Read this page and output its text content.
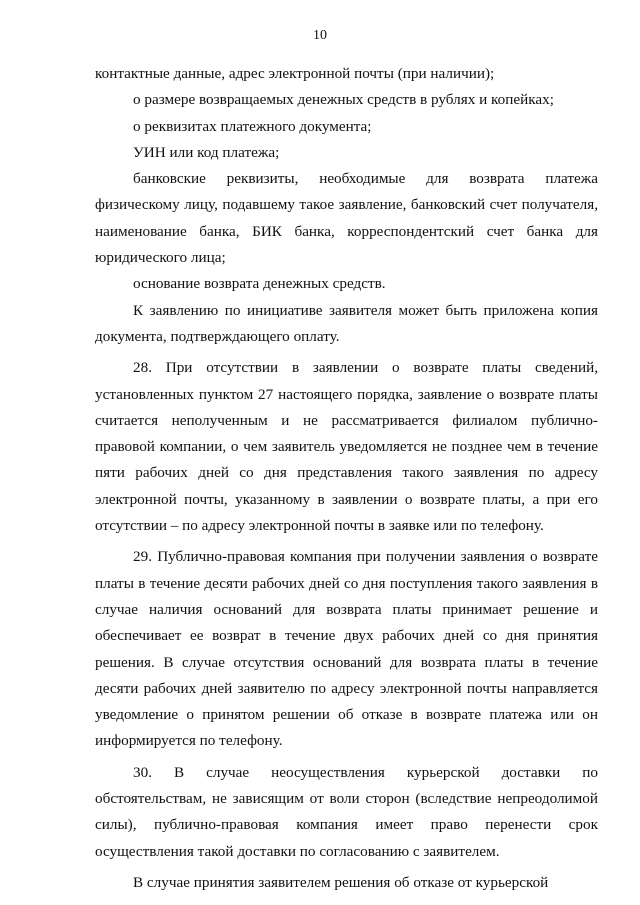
10

контактные данные, адрес электронной почты (при наличии);

о размере возвращаемых денежных средств в рублях и копейках;

о реквизитах платежного документа;

УИН или код платежа;

банковские реквизиты, необходимые для возврата платежа физическому лицу, подавшему такое заявление, банковский счет получателя, наименование банка, БИК банка, корреспондентский счет банка для юридического лица;

основание возврата денежных средств.

К заявлению по инициативе заявителя может быть приложена копия документа, подтверждающего оплату.

28. При отсутствии в заявлении о возврате платы сведений, установленных пунктом 27 настоящего порядка, заявление о возврате платы считается неполученным и не рассматривается филиалом публично-правовой компании, о чем заявитель уведомляется не позднее чем в течение пяти рабочих дней со дня представления такого заявления по адресу электронной почты, указанному в заявлении о возврате платы, а при его отсутствии – по адресу электронной почты в заявке или по телефону.

29. Публично-правовая компания при получении заявления о возврате платы в течение десяти рабочих дней со дня поступления такого заявления в случае наличия оснований для возврата платы принимает решение и обеспечивает ее возврат в течение двух рабочих дней со дня принятия решения. В случае отсутствия оснований для возврата платы в течение десяти рабочих дней заявителю по адресу электронной почты направляется уведомление о принятом решении об отказе в возврате платежа или он информируется по телефону.

30. В случае неосуществления курьерской доставки по обстоятельствам, не зависящим от воли сторон (вследствие непреодолимой силы), публично-правовая компания имеет право перенести срок осуществления такой доставки по согласованию с заявителем.

В случае принятия заявителем решения об отказе от курьерской
